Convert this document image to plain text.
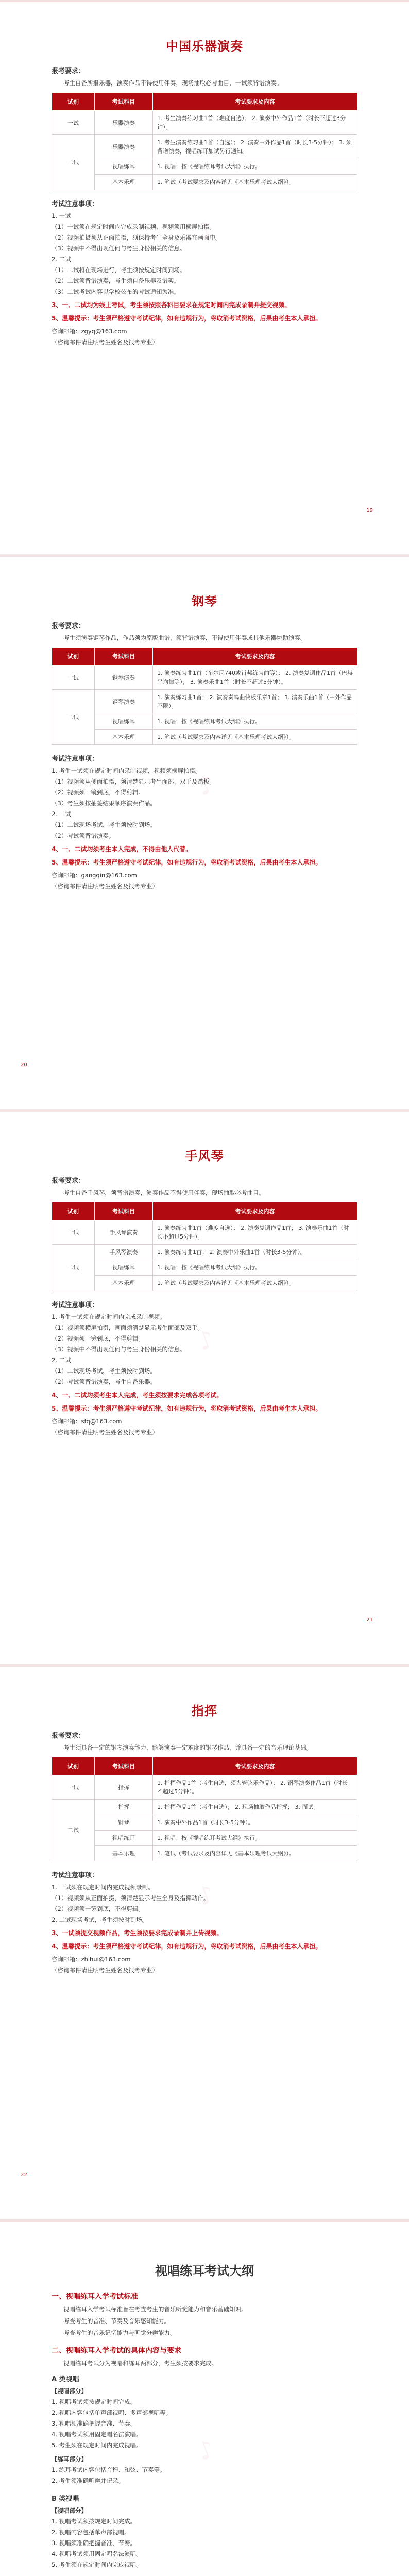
♪
中国乐器演奏
报考要求：

考生自备所报乐器，演奏作品不得使用伴奏，现场抽取必考曲目，一试须背谱演奏。

试别	考试科目	考试要求及内容
一试	乐器演奏	1. 考生演奏练习曲1首（难度自选）； 2. 演奏中外作品1首（时长不超过3分钟）。
二试	乐器演奏	1. 考生演奏练习曲1首（自选）； 2. 演奏中外作品1首（时长3-5分钟）； 3. 须背谱演奏，视唱练耳加试另行通知。
	视唱练耳	1. 视唱：按《视唱练耳考试大纲》执行。
	基本乐理	1. 笔试（考试要求及内容详见《基本乐理考试大纲》）。
考试注意事项：

1. 一试

（1）一试须在规定时间内完成录制视频，视频须用横屏拍摄。

（2）视频拍摄须从正面拍摄，须保持考生全身及乐器在画面中。

（3）视频中不得出现任何与考生身份相关的信息。

2. 二试

（1）二试将在现场进行，考生须按规定时间到场。

（2）二试须背谱演奏，考生须自备乐器及谱架。

（3）二试考试内容以学校公布的考试通知为准。

3、一、二试均为线上考试，考生须按照各科目要求在规定时间内完成录制并提交视频。

5、温馨提示：考生须严格遵守考试纪律，如有违规行为，将取消考试资格，后果由考生本人承担。

咨询邮箱：zgyq@163.com

（咨询邮件请注明考生姓名及报考专业）

19
♪
钢琴
报考要求：

考生须演奏钢琴作品，作品须为原版曲谱，须背谱演奏，不得使用伴奏或其他乐器协助演奏。

试别	考试科目	考试要求及内容
一试	钢琴演奏	1. 演奏练习曲1首（车尔尼740或肖邦练习曲等）； 2. 演奏复调作品1首（巴赫平均律等）； 3. 演奏乐曲1首（时长不超过5分钟）。
二试	钢琴演奏	1. 演奏练习曲1首； 2. 演奏奏鸣曲快板乐章1首； 3. 演奏乐曲1首（中外作品不限）。
	视唱练耳	1. 视唱：按《视唱练耳考试大纲》执行。
	基本乐理	1. 笔试（考试要求及内容详见《基本乐理考试大纲》）。
考试注意事项：

1. 考生一试须在规定时间内录制视频，视频须横屏拍摄。

（1）视频须从侧面拍摄，须清楚显示考生面部、双手及踏板。

（2）视频须一镜到底，不得剪辑。

（3）考生须按抽签结果顺序演奏作品。

2. 二试

（1）二试现场考试，考生须按时到场。

（2）考试须背谱演奏。

4、一、二试均须考生本人完成，不得由他人代替。

5、温馨提示：考生须严格遵守考试纪律，如有违规行为，将取消考试资格，后果由考生本人承担。

咨询邮箱：gangqin@163.com

（咨询邮件请注明考生姓名及报考专业）

20
♪
手风琴
报考要求：

考生自备手风琴，须背谱演奏，演奏作品不得使用伴奏，现场抽取必考曲目。

试别	考试科目	考试要求及内容
一试	手风琴演奏	1. 演奏练习曲1首（难度自选）； 2. 演奏复调作品1首； 3. 演奏乐曲1首（时长不超过5分钟）。
二试	手风琴演奏	1. 演奏练习曲1首； 2. 演奏中外乐曲1首（时长3-5分钟）。
	视唱练耳	1. 视唱：按《视唱练耳考试大纲》执行。
	基本乐理	1. 笔试（考试要求及内容详见《基本乐理考试大纲》）。
考试注意事项：

1. 考生一试须在规定时间内完成录制视频。

（1）视频须横屏拍摄，画面须清楚显示考生面部及双手。

（2）视频须一镜到底，不得剪辑。

（3）视频中不得出现任何与考生身份相关的信息。

2. 二试

（1）二试现场考试，考生须按时到场。

（2）考试须背谱演奏，考生自备乐器。

4、一、二试均须考生本人完成，考生须按要求完成各项考试。

5、温馨提示：考生须严格遵守考试纪律，如有违规行为，将取消考试资格，后果由考生本人承担。

咨询邮箱：sfq@163.com

（咨询邮件请注明考生姓名及报考专业）

21
♪
指挥
报考要求：

考生须具备一定的钢琴演奏能力，能够演奏一定难度的钢琴作品，并具备一定的音乐理论基础。

试别	考试科目	考试要求及内容
一试	指挥	1. 指挥作品1首（考生自选，须为管弦乐作品）； 2. 钢琴演奏作品1首（时长不超过5分钟）。
二试	指挥	1. 指挥作品1首（考生自选）； 2. 现场抽取作品指挥； 3. 面试。
	钢琴	1. 演奏中外作品1首（时长3-5分钟）。
	视唱练耳	1. 视唱：按《视唱练耳考试大纲》执行。
	基本乐理	1. 笔试（考试要求及内容详见《基本乐理考试大纲》）。
考试注意事项：

1. 一试须在规定时间内完成视频录制。

（1）视频须从正面拍摄，须清楚显示考生全身及指挥动作。

（2）视频须一镜到底，不得剪辑。

2. 二试现场考试，考生须按时到场。

3、一试须提交视频作品，考生须按要求完成录制并上传视频。

4、温馨提示：考生须严格遵守考试纪律，如有违规行为，将取消考试资格，后果由考生本人承担。

咨询邮箱：zhihui@163.com

（咨询邮件请注明考生姓名及报考专业）

22
♪
视唱练耳考试大纲
一、视唱练耳入学考试标准

视唱练耳入学考试标准旨在考查考生的音乐听觉能力和音乐基础知识。

考查考生的音准、节奏及音乐感知能力。

考查考生的音乐记忆能力与听觉分辨能力。

二、视唱练耳入学考试的具体内容与要求

视唱练耳考试分为视唱和练耳两部分，考生须按要求完成。

A 类视唱

【视唱部分】

1. 视唱考试须按规定时间完成。

2. 视唱内容包括单声部视唱、多声部视唱等。

3. 视唱须准确把握音准、节奏。

4. 视唱考试须用固定唱名法演唱。

5. 考生须在规定时间内完成视唱。

【练耳部分】

1. 练耳考试内容包括音程、和弦、节奏等。

2. 考生须准确听辨并记录。

B 类视唱

【视唱部分】

1. 视唱考试须按规定时间完成。

2. 视唱内容包括单声部视唱。

3. 视唱须准确把握音准、节奏。

4. 视唱考试须用固定唱名法演唱。

5. 考生须在规定时间内完成视唱。
